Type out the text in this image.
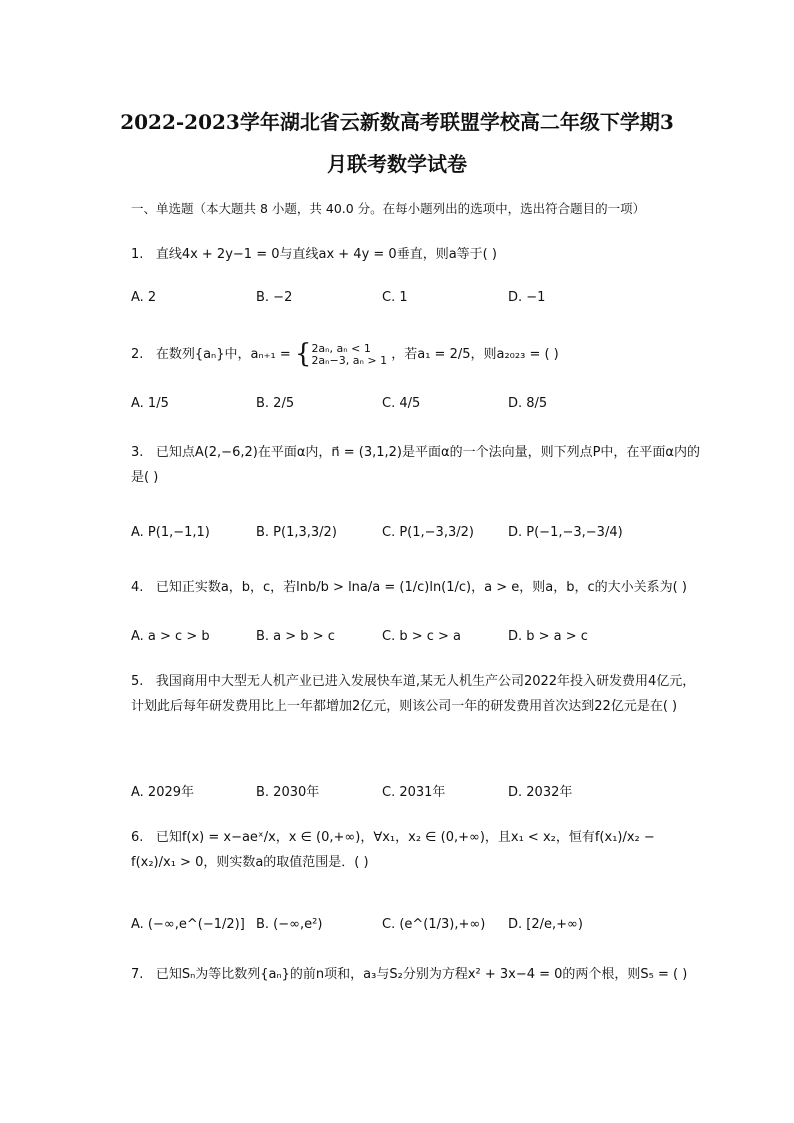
2022-2023学年湖北省云新数高考联盟学校高二年级下学期3
月联考数学试卷
一、单选题（本大题共 8 小题，共 40.0 分。在每小题列出的选项中，选出符合题目的一项）
1. 直线4x + 2y−1 = 0与直线ax + 4y = 0垂直，则a等于( )
A. 2	B. −2	C. 1	D. −1
2. 在数列{aₙ}中，aₙ₊₁ = { 2aₙ, aₙ < 1
2aₙ−3, aₙ > 1 ，若a₁ = 2/5，则a₂₀₂₃ = ( )
A. 1/5	B. 2/5	C. 4/5	D. 8/5
3. 已知点A(2,−6,2)在平面α内，n⃗ = (3,1,2)是平面α的一个法向量，则下列点P中，在平面α内的是( )
A. P(1,−1,1)	B. P(1,3,3/2)	C. P(1,−3,3/2)	D. P(−1,−3,−3/4)
4. 已知正实数a，b，c，若lnb/b > lna/a = (1/c)ln(1/c)，a > e，则a，b，c的大小关系为( )
A. a > c > b	B. a > b > c	C. b > c > a	D. b > a > c
5. 我国商用中大型无人机产业已进入发展快车道,某无人机生产公司2022年投入研发费用4亿元，计划此后每年研发费用比上一年都增加2亿元，则该公司一年的研发费用首次达到22亿元是在( )
A. 2029年	B. 2030年	C. 2031年	D. 2032年
6. 已知f(x) = x−aeˣ/x，x ∈ (0,+∞)，∀x₁，x₂ ∈ (0,+∞)，且x₁ < x₂，恒有f(x₁)/x₂ − f(x₂)/x₁ > 0，则实数a的取值范围是．( )
A. (−∞,e^(−1/2)] B. (−∞,e²)	C. (e^(1/3),+∞) D. [2/e,+∞)
7. 已知Sₙ为等比数列{aₙ}的前n项和，a₃与S₂分别为方程x² + 3x−4 = 0的两个根，则S₅ = ( )
